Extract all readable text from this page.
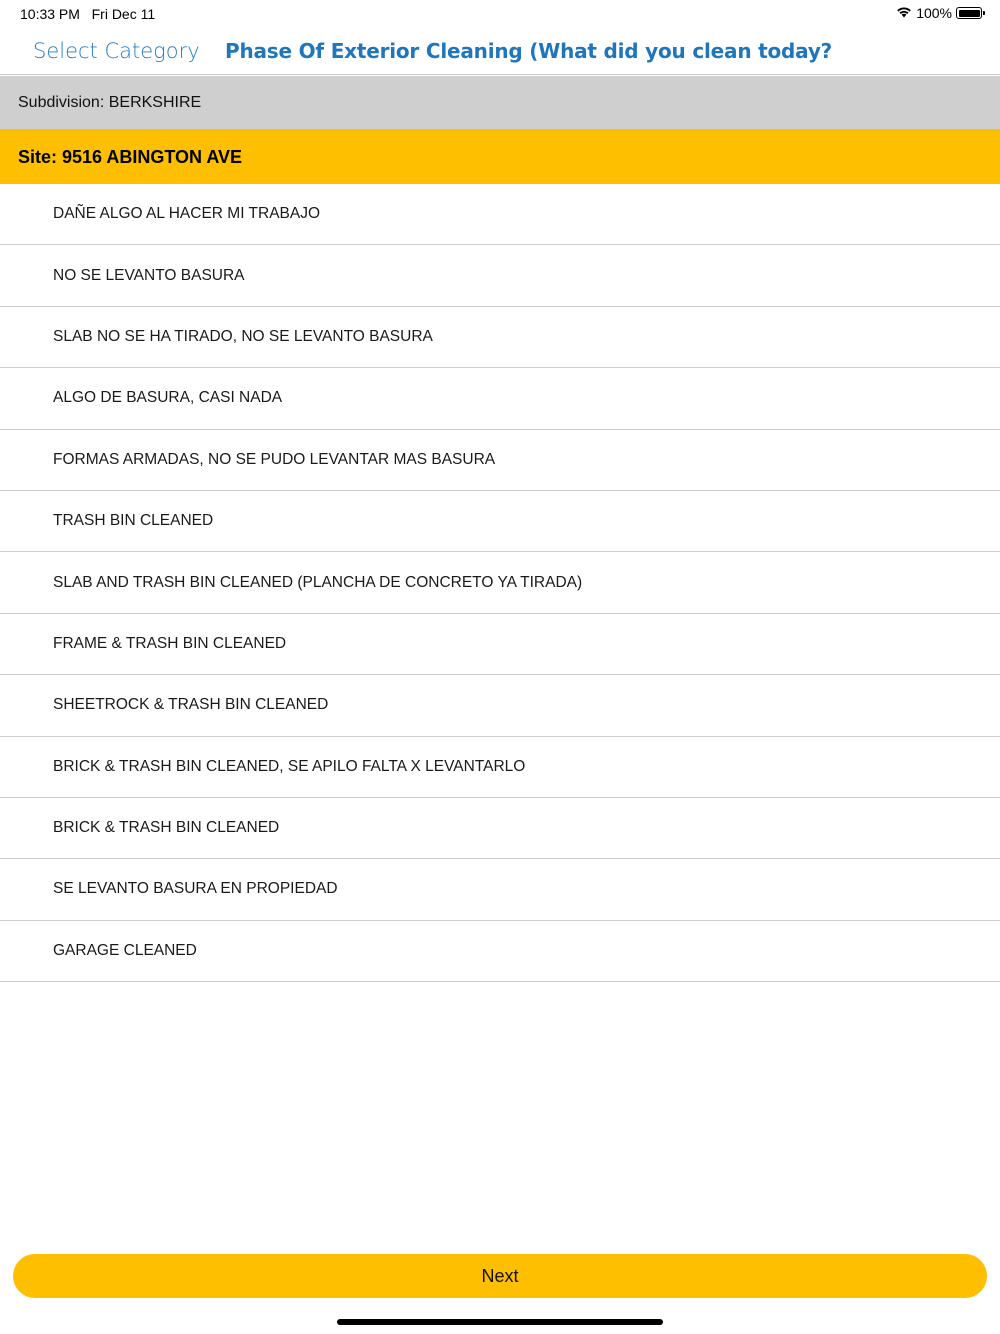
10:33 PM Fri Dec 11	100%
Select Category Phase Of Exterior Cleaning (What did you clean today?
Subdivision: BERKSHIRE
Site: 9516 ABINGTON AVE
DAÑE ALGO AL HACER MI TRABAJO
NO SE LEVANTO BASURA
SLAB NO SE HA TIRADO, NO SE LEVANTO BASURA
ALGO DE BASURA, CASI NADA
FORMAS ARMADAS, NO SE PUDO LEVANTAR MAS BASURA
TRASH BIN CLEANED
SLAB AND TRASH BIN CLEANED (PLANCHA DE CONCRETO YA TIRADA)
FRAME & TRASH BIN CLEANED
SHEETROCK & TRASH BIN CLEANED
BRICK & TRASH BIN CLEANED, SE APILO FALTA X LEVANTARLO
BRICK & TRASH BIN CLEANED
SE LEVANTO BASURA EN PROPIEDAD
GARAGE CLEANED
Next
